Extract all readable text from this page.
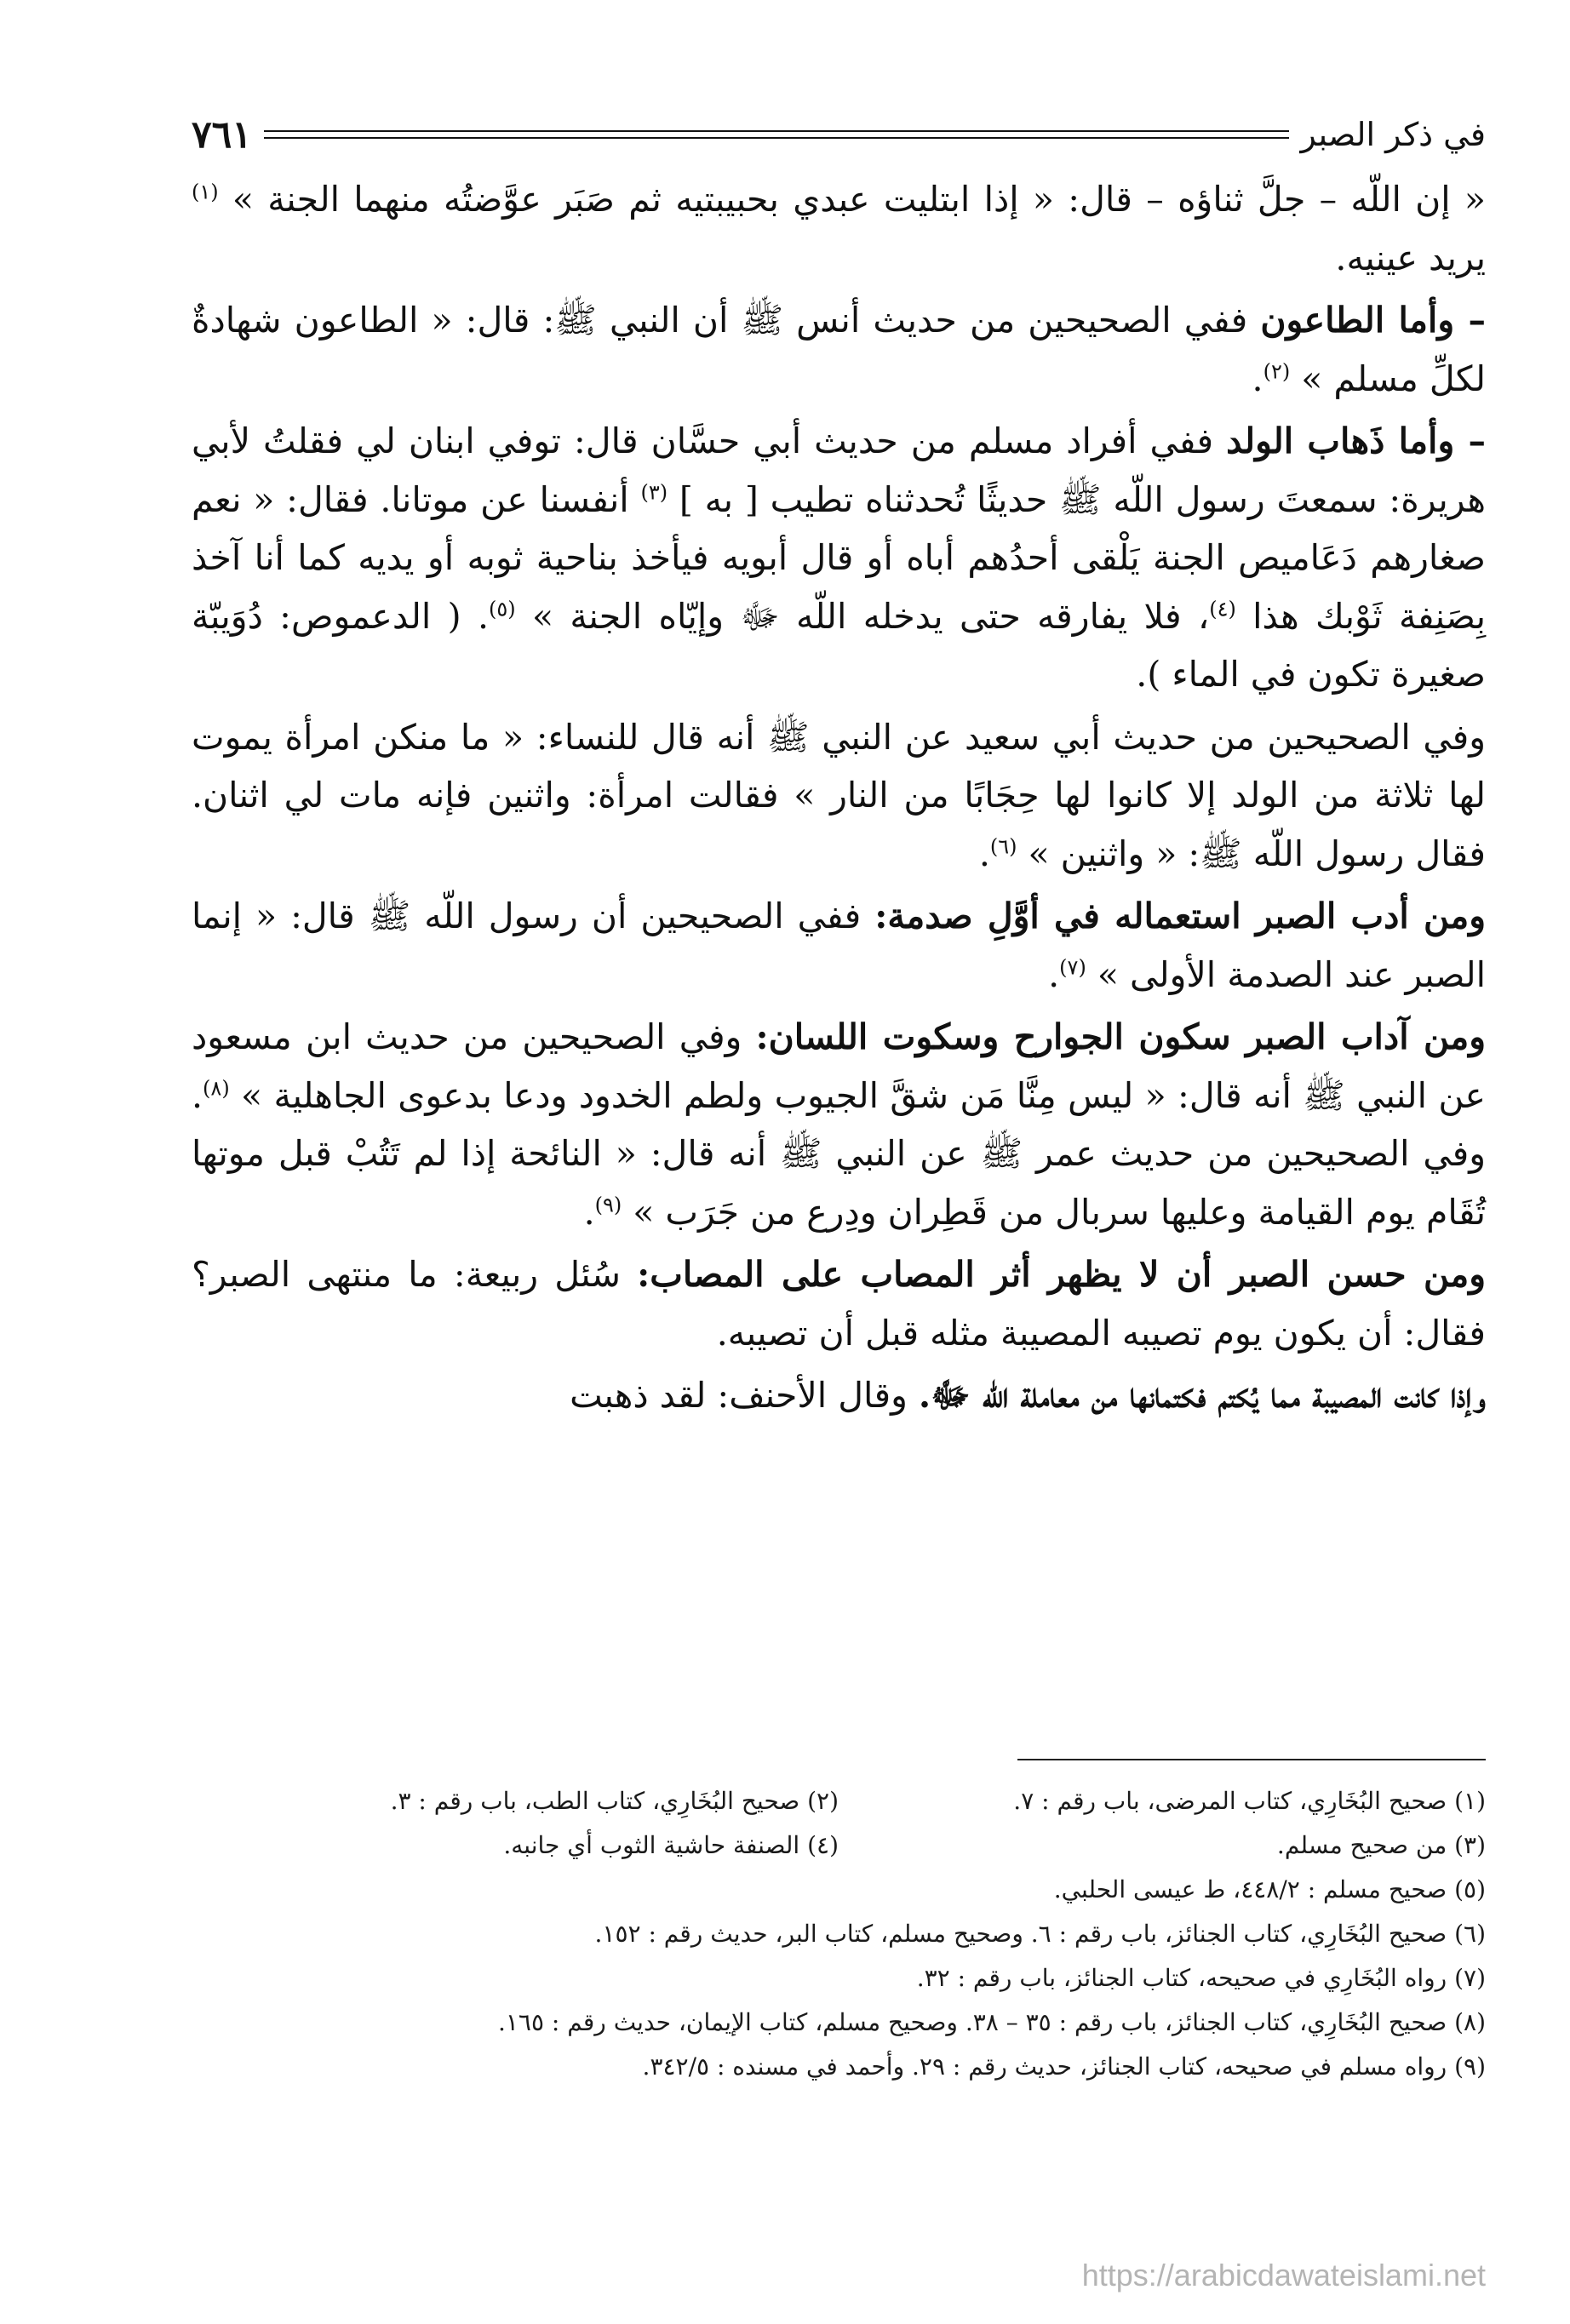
في ذكر الصبر
٧٦١

« إن اللّه – جلَّ ثناؤه – قال: « إذا ابتليت عبدي بحبيبتيه ثم صَبَر عوَّضتُه منهما الجنة » $^{(١)}$ يريد عينيه.

– وأما الطاعون ففي الصحيحين من حديث أنس ﷺ أن النبي ﷺ: قال: « الطاعون شهادةٌ لكلِّ مسلم » $^{(٢)}$.

– وأما ذَهاب الولد ففي أفراد مسلم من حديث أبي حسَّان قال: توفي ابنان لي فقلتُ لأبي هريرة: سمعتَ رسول اللّه ﷺ حديثًا تُحدثناه تطيب [ به ] $^{(٣)}$ أنفسنا عن موتانا. فقال: « نعم صغارهم دَعَاميص الجنة يَلْقى أحدُهم أباه أو قال أبويه فيأخذ بناحية ثوبه أو يديه كما أنا آخذ بِصَنِفة ثَوْبك هذا $^{(٤)}$، فلا يفارقه حتى يدخله اللّه ﷻ وإيّاه الجنة » $^{(٥)}$. ( الدعموص: دُوَيبّة صغيرة تكون في الماء ).

وفي الصحيحين من حديث أبي سعيد عن النبي ﷺ أنه قال للنساء: « ما منكن امرأة يموت لها ثلاثة من الولد إلا كانوا لها حِجَابًا من النار » فقالت امرأة: واثنين فإنه مات لي اثنان. فقال رسول اللّه ﷺ: « واثنين » $^{(٦)}$.

ومن أدب الصبر استعماله في أوَّلِ صدمة: ففي الصحيحين أن رسول اللّه ﷺ قال: « إنما الصبر عند الصدمة الأولى » $^{(٧)}$.

ومن آداب الصبر سكون الجوارح وسكوت اللسان: وفي الصحيحين من حديث ابن مسعود عن النبي ﷺ أنه قال: « ليس مِنَّا مَن شقَّ الجيوب ولطم الخدود ودعا بدعوى الجاهلية » $^{(٨)}$. وفي الصحيحين من حديث عمر ﷺ عن النبي ﷺ أنه قال: « النائحة إذا لم تَتُبْ قبل موتها تُقَام يوم القيامة وعليها سربال من قَطِران ودِرع من جَرَب » $^{(٩)}$.

ومن حسن الصبر أن لا يظهر أثر المصاب على المصاب: سُئل ربيعة: ما منتهى الصبر؟ فقال: أن يكون يوم تصيبه المصيبة مثله قبل أن تصيبه.

وإذا كانت المصيبة مما يُكتم فكتمانها من معاملة اللّه ﷻ. وقال الأحنف: لقد ذهبت

(١) صحيح البُخَارِي، كتاب المرضى، باب رقم : ٧.
(٢) صحيح البُخَارِي، كتاب الطب، باب رقم : ٣.
(٣) من صحيح مسلم.
(٤) الصنفة حاشية الثوب أي جانبه.
(٥) صحيح مسلم : ٤٤٨/٢، ط عيسى الحلبي.
(٦) صحيح البُخَارِي، كتاب الجنائز، باب رقم : ٦. وصحيح مسلم، كتاب البر، حديث رقم : ١٥٢.
(٧) رواه البُخَارِي في صحيحه، كتاب الجنائز، باب رقم : ٣٢.
(٨) صحيح البُخَارِي، كتاب الجنائز، باب رقم : ٣٥ – ٣٨. وصحيح مسلم، كتاب الإيمان، حديث رقم : ١٦٥.
(٩) رواه مسلم في صحيحه، كتاب الجنائز، حديث رقم : ٢٩. وأحمد في مسنده : ٣٤٢/٥.
https://arabicdawateislami.net
